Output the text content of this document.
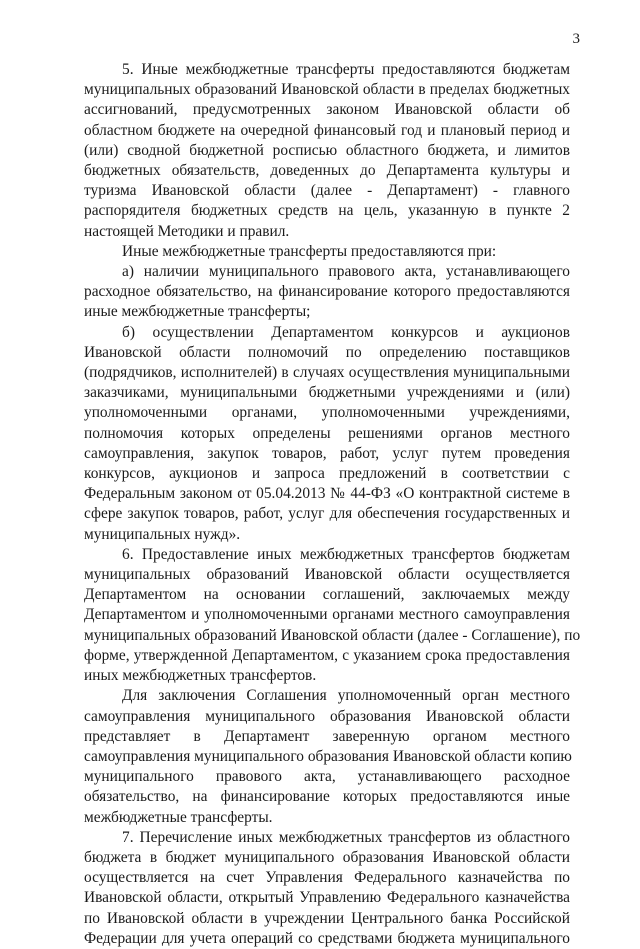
3

5. Иные межбюджетные трансферты предоставляются бюджетам
муниципальных образований Ивановской области в пределах бюджетных
ассигнований, предусмотренных законом Ивановской области об
областном бюджете на очередной финансовый год и плановый период и
(или) сводной бюджетной росписью областного бюджета, и лимитов
бюджетных обязательств, доведенных до Департамента культуры и
туризма Ивановской области (далее - Департамент) - главного
распорядителя бюджетных средств на цель, указанную в пункте 2
настоящей Методики и правил.

Иные межбюджетные трансферты предоставляются при:

а) наличии муниципального правового акта, устанавливающего
расходное обязательство, на финансирование которого предоставляются
иные межбюджетные трансферты;

б) осуществлении Департаментом конкурсов и аукционов
Ивановской области полномочий по определению поставщиков
(подрядчиков, исполнителей) в случаях осуществления муниципальными
заказчиками, муниципальными бюджетными учреждениями и (или)
уполномоченными органами, уполномоченными учреждениями,
полномочия которых определены решениями органов местного
самоуправления, закупок товаров, работ, услуг путем проведения
конкурсов, аукционов и запроса предложений в соответствии с
Федеральным законом от 05.04.2013 № 44-ФЗ «О контрактной системе в
сфере закупок товаров, работ, услуг для обеспечения государственных и
муниципальных нужд».

6. Предоставление иных межбюджетных трансфертов бюджетам
муниципальных образований Ивановской области осуществляется
Департаментом на основании соглашений, заключаемых между
Департаментом и уполномоченными органами местного самоуправления
муниципальных образований Ивановской области (далее - Соглашение), по
форме, утвержденной Департаментом, с указанием срока предоставления
иных межбюджетных трансфертов.

Для заключения Соглашения уполномоченный орган местного
самоуправления муниципального образования Ивановской области
представляет в Департамент заверенную органом местного
самоуправления муниципального образования Ивановской области копию
муниципального правового акта, устанавливающего расходное
обязательство, на финансирование которых предоставляются иные
межбюджетные трансферты.

7. Перечисление иных межбюджетных трансфертов из областного
бюджета в бюджет муниципального образования Ивановской области
осуществляется на счет Управления Федерального казначейства по
Ивановской области, открытый Управлению Федерального казначейства
по Ивановской области в учреждении Центрального банка Российской
Федерации для учета операций со средствами бюджета муниципального
